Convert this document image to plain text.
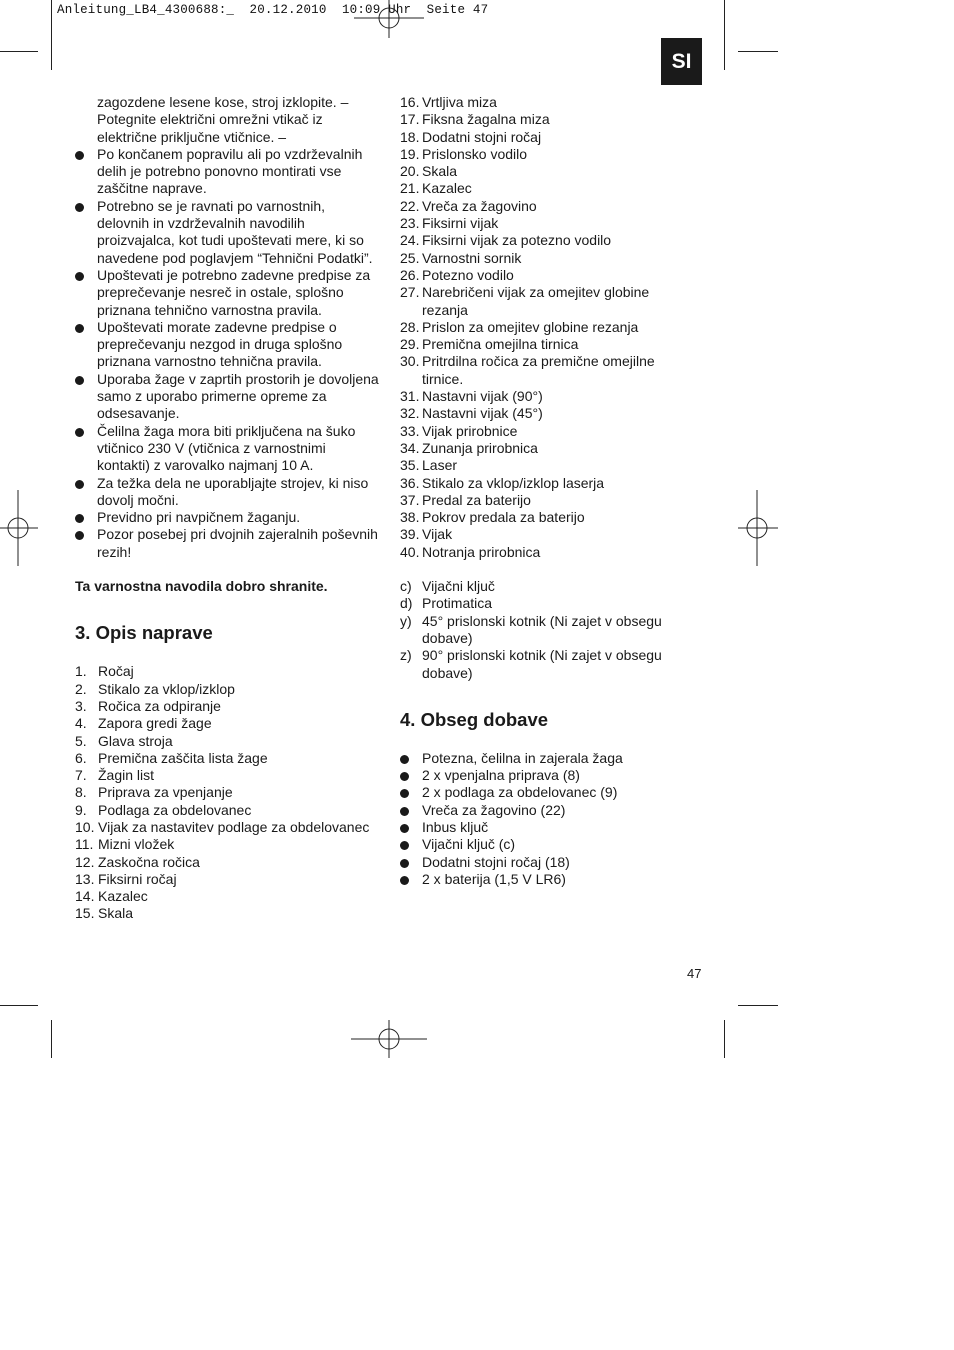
Anleitung_LB4_4300688:_  20.12.2010  10:09 Uhr  Seite 47
SI
zagozdene lesene kose, stroj izklopite. – Potegnite električni omrežni vtikač iz električne priključne vtičnice. –
Po končanem popravilu ali po vzdrževalnih delih je potrebno ponovno montirati vse zaščitne naprave.
Potrebno se je ravnati po varnostnih, delovnih in vzdrževalnih navodilih proizvajalca, kot tudi upoštevati mere, ki so navedene pod poglavjem “Tehnični Podatki”.
Upoštevati je potrebno zadevne predpise za preprečevanje nesreč in ostale, splošno priznana tehnično varnostna pravila.
Upoštevati morate zadevne predpise o preprečevanju nezgod in druga splošno priznana varnostno tehnična pravila.
Uporaba žage v zaprtih prostorih je dovoljena samo z uporabo primerne opreme za odsesavanje.
Čelilna žaga mora biti priključena na šuko vtičnico 230 V (vtičnica z varnostnimi kontakti) z varovalko najmanj 10 A.
Za težka dela ne uporabljajte strojev, ki niso dovolj močni.
Previdno pri navpičnem žaganju.
Pozor posebej pri dvojnih zajeralnih poševnih rezih!
Ta varnostna navodila dobro shranite.
3. Opis naprave
1. Ročaj
2. Stikalo za vklop/izklop
3. Ročica za odpiranje
4. Zapora gredi žage
5. Glava stroja
6. Premična zaščita lista žage
7. Žagin list
8. Priprava za vpenjanje
9. Podlaga za obdelovanec
10. Vijak za nastavitev podlage za obdelovanec
11. Mizni vložek
12. Zaskočna ročica
13. Fiksirni ročaj
14. Kazalec
15. Skala
16. Vrtljiva miza
17. Fiksna žagalna miza
18. Dodatni stojni ročaj
19. Prislonsko vodilo
20. Skala
21. Kazalec
22. Vreča za žagovino
23. Fiksirni vijak
24. Fiksirni vijak za potezno vodilo
25. Varnostni sornik
26. Potezno vodilo
27. Narebričeni vijak za omejitev globine rezanja
28. Prislon za omejitev globine rezanja
29. Premična omejilna tirnica
30. Pritrdilna ročica za premične omejilne tirnice.
31. Nastavni vijak (90°)
32. Nastavni vijak (45°)
33. Vijak prirobnice
34. Zunanja prirobnica
35. Laser
36. Stikalo za vklop/izklop laserja
37. Predal za baterijo
38. Pokrov predala za baterijo
39. Vijak
40. Notranja prirobnica
c) Vijačni ključ
d) Protimatica
y) 45° prislonski kotnik (Ni zajet v obsegu dobave)
z) 90° prislonski kotnik (Ni zajet v obsegu dobave)
4. Obseg dobave
Potezna, čelilna in zajerala žaga
2 x vpenjalna priprava (8)
2 x podlaga za obdelovanec (9)
Vreča za žagovino (22)
Inbus ključ
Vijačni ključ (c)
Dodatni stojni ročaj (18)
2 x baterija (1,5 V LR6)
47
